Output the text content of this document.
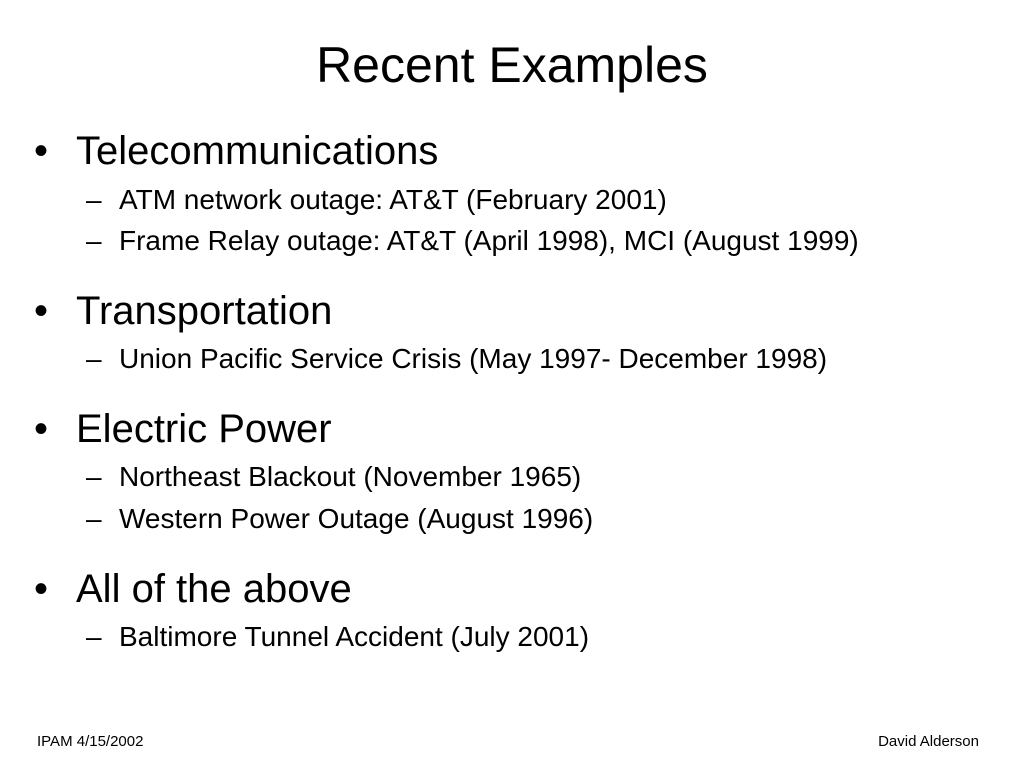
Recent Examples
• Telecommunications
– ATM network outage: AT&T (February 2001)
– Frame Relay outage: AT&T (April 1998), MCI (August 1999)
• Transportation
– Union Pacific Service Crisis (May 1997- December 1998)
• Electric Power
– Northeast Blackout (November 1965)
– Western Power Outage (August 1996)
• All of the above
– Baltimore Tunnel Accident (July 2001)
IPAM 4/15/2002	David Alderson
